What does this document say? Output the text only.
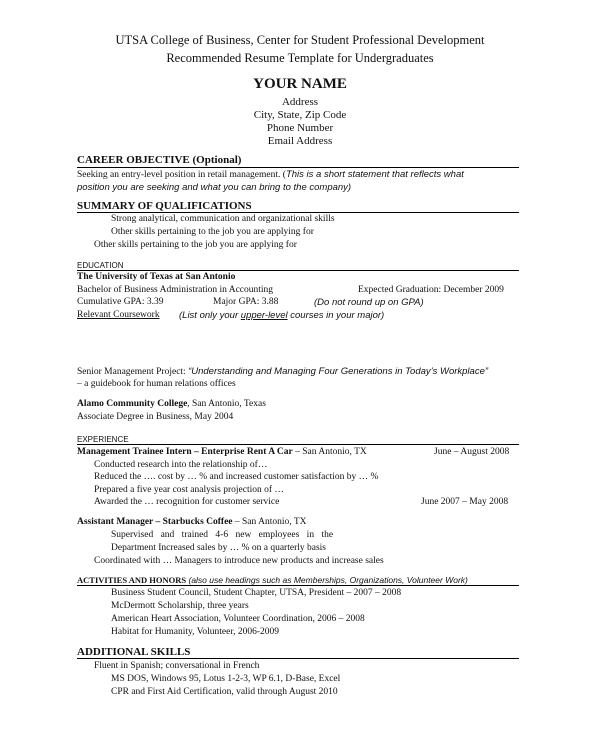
UTSA College of Business, Center for Student Professional Development
Recommended Resume Template for Undergraduates
YOUR NAME
Address
City, State, Zip Code
Phone Number
Email Address
CAREER OBJECTIVE (Optional)
Seeking an entry-level position in retail management. (This is a short statement that reflects what
position you are seeking and what you can bring to the company)
SUMMARY OF QUALIFICATIONS
Strong analytical, communication and organizational skills
Other skills pertaining to the job you are applying for
Other skills pertaining to the job you are applying for
EDUCATION
The University of Texas at San Antonio
Bachelor of Business Administration in Accounting	Expected Graduation: December 2009
Cumulative GPA: 3.39	Major GPA: 3.88	(Do not round up on GPA)
Relevant Coursework (List only your upper-level courses in your major)
Senior Management Project: “Understanding and Managing Four Generations in Today’s Workplace”
– a guidebook for human relations offices
Alamo Community College, San Antonio, Texas
Associate Degree in Business, May 2004
EXPERIENCE
Management Trainee Intern – Enterprise Rent A Car – San Antonio, TX	June – August 2008
Conducted research into the relationship of…
Reduced the …. cost by … % and increased customer satisfaction by … %
Prepared a five year cost analysis projection of …
Awarded the … recognition for customer service	June 2007 – May 2008
Assistant Manager – Starbucks Coffee – San Antonio, TX
Supervised and trained 4-6 new employees in the
Department Increased sales by … % on a quarterly basis
Coordinated with … Managers to introduce new products and increase sales
ACTIVITIES AND HONORS (also use headings such as Memberships, Organizations, Volunteer Work)
Business Student Council, Student Chapter, UTSA, President – 2007 – 2008
McDermott Scholarship, three years
American Heart Association, Volunteer Coordination, 2006 – 2008
Habitat for Humanity, Volunteer, 2006-2009
ADDITIONAL SKILLS
Fluent in Spanish; conversational in French
MS DOS, Windows 95, Lotus 1-2-3, WP 6.1, D-Base, Excel
CPR and First Aid Certification, valid through August 2010
